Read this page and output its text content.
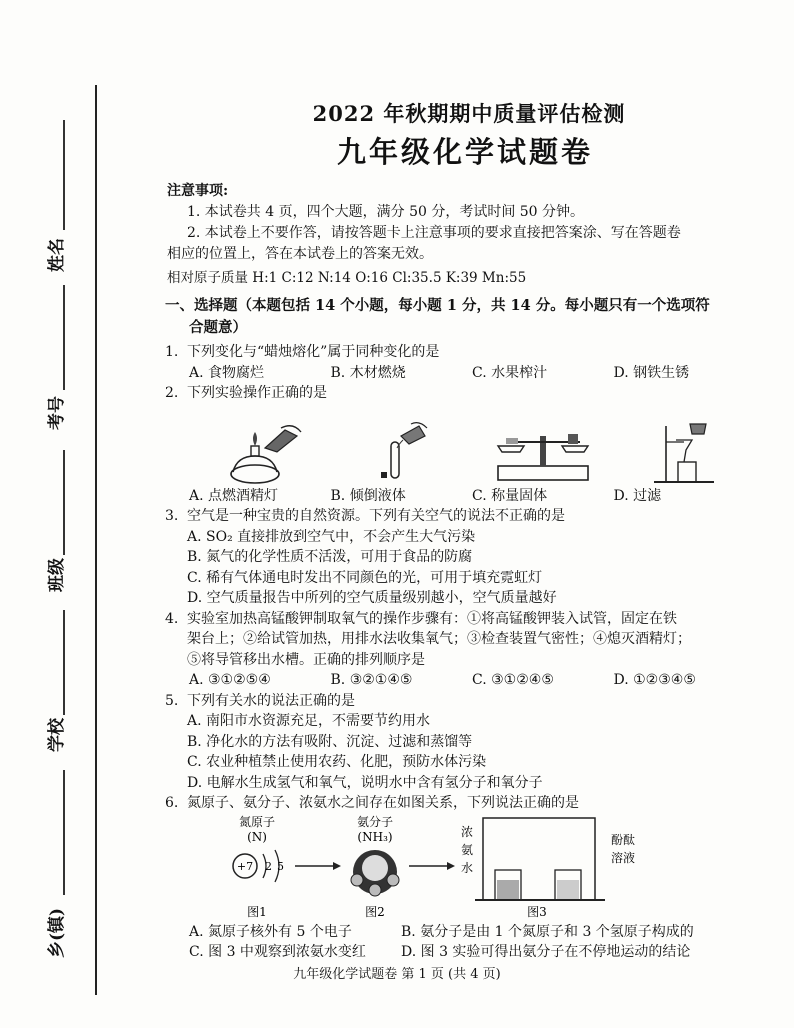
姓名
考号
班级
学校
乡(镇)
2022 年秋期期中质量评估检测
九年级化学试题卷
注意事项:
1. 本试卷共 4 页，四个大题，满分 50 分，考试时间 50 分钟。
2. 本试卷上不要作答，请按答题卡上注意事项的要求直接把答案涂、写在答题卷
相应的位置上，答在本试卷上的答案无效。
相对原子质量 H:1 C:12 N:14 O:16 Cl:35.5 K:39 Mn:55
一、选择题（本题包括 14 个小题，每小题 1 分，共 14 分。每小题只有一个选项符
合题意）
1. 下列变化与“蜡烛熔化”属于同种变化的是
A. 食物腐烂	B. 木材燃烧	C. 水果榨汁	D. 钢铁生锈
2. 下列实验操作正确的是
A. 点燃酒精灯	B. 倾倒液体	C. 称量固体	D. 过滤
3. 空气是一种宝贵的自然资源。下列有关空气的说法不正确的是
A. SO₂ 直接排放到空气中，不会产生大气污染
B. 氮气的化学性质不活泼，可用于食品的防腐
C. 稀有气体通电时发出不同颜色的光，可用于填充霓虹灯
D. 空气质量报告中所列的空气质量级别越小，空气质量越好
4. 实验室加热高锰酸钾制取氧气的操作步骤有：①将高锰酸钾装入试管，固定在铁
架台上；②给试管加热，用排水法收集氧气；③检查装置气密性；④熄灭酒精灯；
⑤将导管移出水槽。正确的排列顺序是
A. ③①②⑤④	B. ③②①④⑤	C. ③①②④⑤	D. ①②③④⑤
5. 下列有关水的说法正确的是
A. 南阳市水资源充足，不需要节约用水
B. 净化水的方法有吸附、沉淀、过滤和蒸馏等
C. 农业种植禁止使用农药、化肥，预防水体污染
D. 电解水生成氢气和氧气，说明水中含有氢分子和氧分子
6. 氮原子、氨分子、浓氨水之间存在如图关系，下列说法正确的是
氮原子
(N)
+7 2 5
图1
氨分子
(NH₃)
图2
浓氨水
酚酞溶液
图3
A. 氮原子核外有 5 个电子	B. 氨分子是由 1 个氮原子和 3 个氢原子构成的
C. 图 3 中观察到浓氨水变红	D. 图 3 实验可得出氨分子在不停地运动的结论
九年级化学试题卷 第 1 页 (共 4 页)
